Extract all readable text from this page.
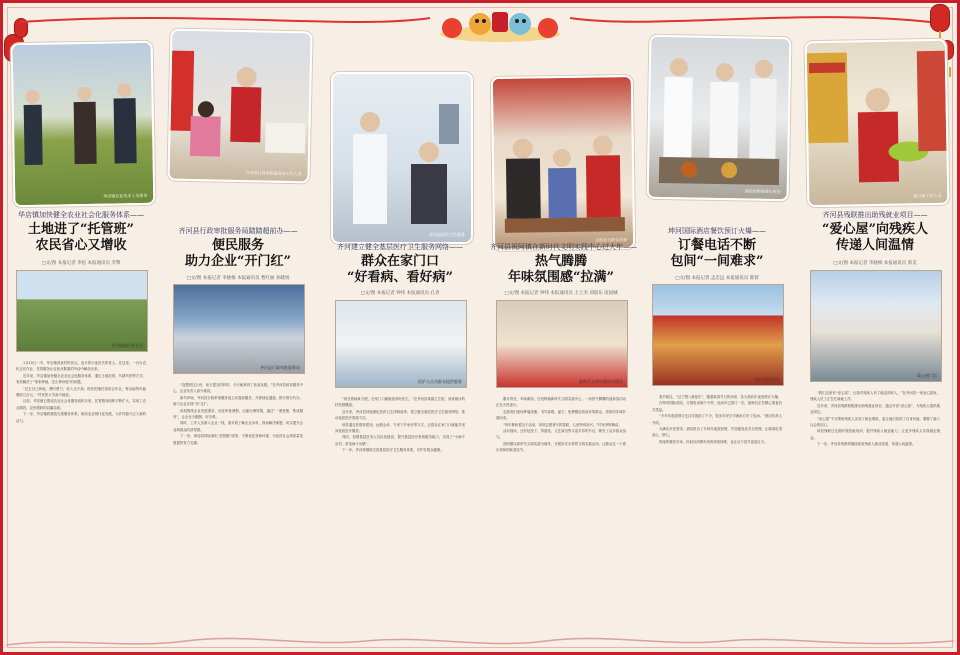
华店镇农业技术人员指导
华店镇加快健全农业社会化服务体系——
土地进了“托管班”
农民省心又增收
□文/图 本报记者 李松 本报通讯员 李擎
华店镇高标准农田

1月15日一早，华店镇香泉村的田头，连片的小麦田长势喜人。在这里，一台台农机正在作业，托管服务让农民从繁重的劳动中解放出来。

近年来，华店镇加快健全农业社会化服务体系，通过土地托管、代耕代种等方式，有效解决了“谁来种地、怎么种好地”的问题。

“过去自己种地，费时费力，收入还不高。现在把地托管给合作社，每亩地每年能增收几百元。”村民张大爷高兴地说。

目前，华店镇已建成农业社会化服务组织多家，托管服务面积不断扩大，实现了农业增效、农民增收的双赢局面。

下一步，华店镇将继续完善服务体系，推动农业现代化发展，为乡村振兴注入新的活力。

齐河县行政审批服务局工作人员
齐河县行政审批服务局踏踏超前办——
便民服务
助力企业“开门红”
□文/图 本报记者 李晓梅 本报通讯员 曹红丽 孙晓扬
齐河县行政审批服务局

“没想到这么快，前天提交的材料，今天就拿到了营业执照。”在齐河县政务服务中心，企业负责人高兴地说。

新年伊始，齐河县行政审批服务局主动靠前服务，开辟绿色通道，推行帮办代办，助力企业实现“开门红”。

该局围绕企业发展需求，优化审批流程，压缩办理时限，通过“一窗受理、集成服务”，让企业少跑腿、好办事。

同时，工作人员深入企业一线，面对面了解企业诉求，现场解决难题，切实提升企业和群众的获得感。

下一步，该局将持续深化“放管服”改革，不断优化营商环境，为经济社会高质量发展提供有力支撑。

齐河县医疗卫生服务
齐河建立健全基层医疗卫生服务网络——
群众在家门口
“好看病、看好病”
□文/图 本报记者 钟伟 本报通讯员 孔青
医护人员为群众提供服务

“现在看病真方便，在家门口就能找到好医生。”在齐河县某镇卫生院，前来就诊的村民感慨道。

近年来，齐河县持续深化医药卫生体制改革，建立健全基层医疗卫生服务网络，推动优质医疗资源下沉。

该县通过医联体建设、远程会诊、专家下乡坐诊等方式，让群众在家门口就能享受到优质医疗服务。

同时，加强基层医务人员队伍建设，提升基层医疗机构服务能力，实现了“小病不出村、常见病不出镇”。

下一步，齐河将继续完善基层医疗卫生服务体系，守护好群众健康。

志愿者为群众送福
齐河县祝阿镇在新时代文明实践中心过大年——
热气腾腾
年味氛围感“拉满”
□文/图 本报记者 钟伟 本报通讯员 王士杰 刘晨东 庞国城
新时代文明实践活动现场

腊月将至，年味渐浓。在祝阿镇新时代文明实践中心，一场热气腾腾的迎新春活动正在火热进行。

志愿者们现场挥毫泼墨，书写春联、福字，免费赠送给前来的群众，浓浓的年味扑面而来。

“每年都盼着这个活动，拿到志愿者写的春联，心里特别高兴。”村民李阿姨说。

活动现场，还有包饺子、剪窗花、文艺演出等丰富多彩的节目，吸引了众多群众参与。

祝阿镇以新时代文明实践为载体，开展形式多样的文明实践活动，让群众过一个欢乐祥和的新春佳节。

酒店厨师准备年夜饭
坤河国际酒店餐饮预订火爆——
订餐电话不断
包间“一间难求”
□文/图 本报记者 孟忠远 本报通讯员 陈蓉
坤河国际酒店

春节临近，“过了腊八就是年”，随着新春节日的到来，各大酒店年夜饭预订火爆。

在坤河国际酒店，订餐电话响个不停，包间早已预订一空，厨师们正在精心准备各式菜品。

“今年年夜饭预订比往年提前了不少，很多市民早早就来订好了包间。”酒店负责人介绍。

为满足市民需求，酒店推出了多种年夜饭套餐，并加强食品安全管理，让顾客吃得放心、舒心。

热闹的餐饮市场，折射出消费市场的持续回暖，也让这个春节更加红火。

爱心屋工作人员
齐河县残联推出助残就业项目——
“爱心屋”向残疾人
传递人间温情
□文/图 本报记者 李晓梅 本报通讯员 蔡美
爱心屋门店

“我们这里有“爱心屋”，让我们残疾人有了稳定的收入。”在齐河县一家爱心屋里，残疾人员工正在忙碌地工作。

近年来，齐河县残联积极推出助残就业项目，通过开设“爱心屋”，为残疾人提供就业岗位。

“爱心屋”不仅帮助残疾人实现了就业增收，更让他们找到了自身价值，增强了融入社会的信心。

该县残联还定期开展技能培训，提升残疾人就业能力，让更多残疾人实现稳定就业。

下一步，齐河县残联将继续拓宽残疾人就业渠道，传递人间温情。
